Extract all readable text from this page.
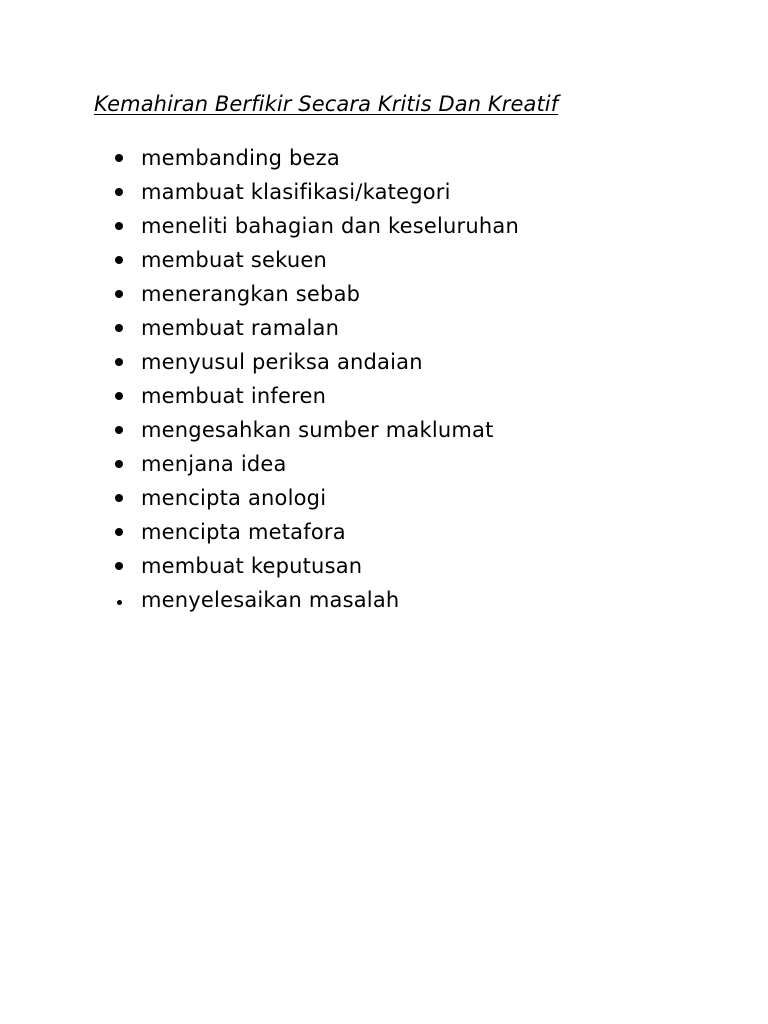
Kemahiran Berfikir Secara Kritis Dan Kreatif
membanding beza
mambuat klasifikasi/kategori
meneliti bahagian dan keseluruhan
membuat sekuen
menerangkan sebab
membuat ramalan
menyusul periksa andaian
membuat inferen
mengesahkan sumber maklumat
menjana idea
mencipta anologi
mencipta metafora
membuat keputusan
menyelesaikan masalah
